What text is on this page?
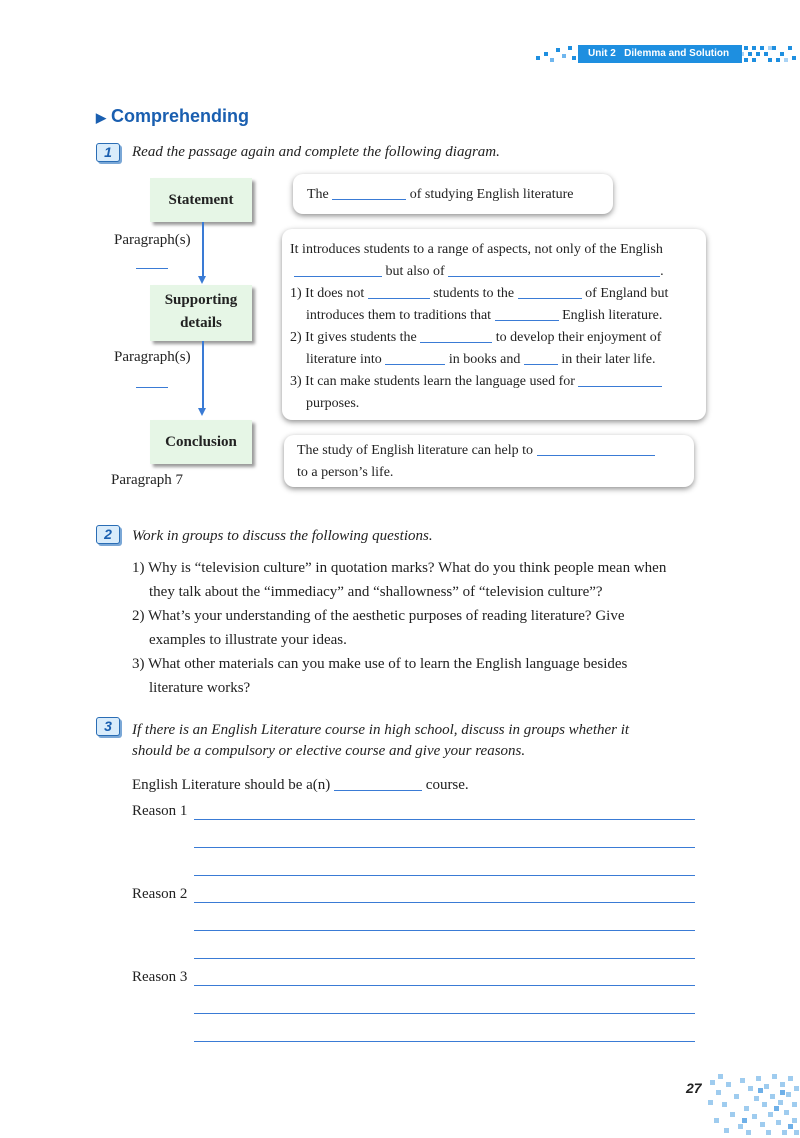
Unit 2 Dilemma and Solution
▶ Comprehending
1	Read the passage again and complete the following diagram.
Statement
Supporting
details
Conclusion
Paragraph(s)
Paragraph(s)
Paragraph 7
The	of studying English literature
It introduces students to a range of aspects, not only of the English
but also of	.
1) It does not	students to the	of England but
introduces them to traditions that	English literature.
2) It gives students the	to develop their enjoyment of
literature into	in books and	in their later life.
3) It can make students learn the language used for
purposes.
The study of English literature can help to
to a person’s life.
2	Work in groups to discuss the following questions.
1) Why is “television culture” in quotation marks? What do you think people mean when
they talk about the “immediacy” and “shallowness” of “television culture”?
2) What’s your understanding of the aesthetic purposes of reading literature? Give
examples to illustrate your ideas.
3) What other materials can you make use of to learn the English language besides
literature works?
3	If there is an English Literature course in high school, discuss in groups whether it
should be a compulsory or elective course and give your reasons.
English Literature should be a(n)	course.
Reason 1
Reason 2
Reason 3
27
